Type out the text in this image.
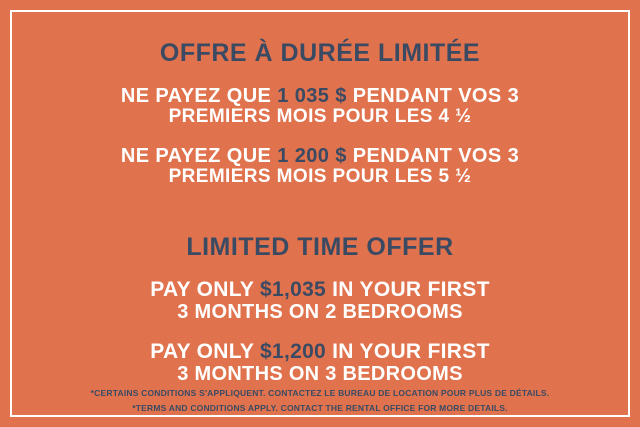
OFFRE À DURÉE LIMITÉE
NE PAYEZ QUE 1 035 $ PENDANT VOS 3
PREMIERS MOIS POUR LES 4 ½
NE PAYEZ QUE 1 200 $ PENDANT VOS 3
PREMIERS MOIS POUR LES 5 ½
LIMITED TIME OFFER
PAY ONLY $1,035 IN YOUR FIRST
3 MONTHS ON 2 BEDROOMS
PAY ONLY $1,200 IN YOUR FIRST
3 MONTHS ON 3 BEDROOMS
*CERTAINS CONDITIONS S'APPLIQUENT. CONTACTEZ LE BUREAU DE LOCATION POUR PLUS DE DÉTAILS.
*TERMS AND CONDITIONS APPLY. CONTACT THE RENTAL OFFICE FOR MORE DETAILS.
